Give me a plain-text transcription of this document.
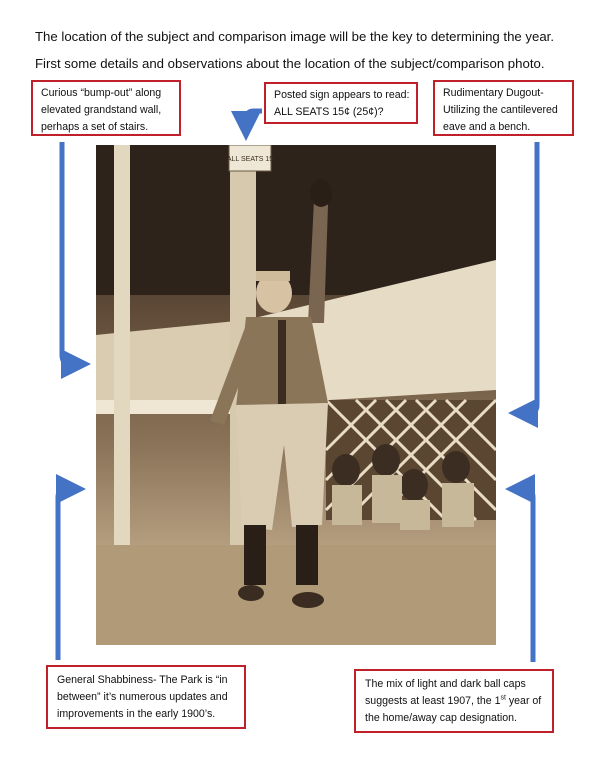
The location of the subject and comparison image will be the key to determining the year.
First some details and observations about the location of the subject/comparison photo.
Curious “bump-out” along
elevated grandstand wall,
perhaps a set of stairs.
Posted sign appears to read:
ALL SEATS 15¢ (25¢)?
Rudimentary Dugout-
Utilizing the cantilevered
eave and a bench.
ALL SEATS 15
General Shabbiness- The Park is “in
between” it’s numerous updates and
improvements in the early 1900’s.
The mix of light and dark ball caps
suggests at least 1907, the 1st year of
the home/away cap designation.
